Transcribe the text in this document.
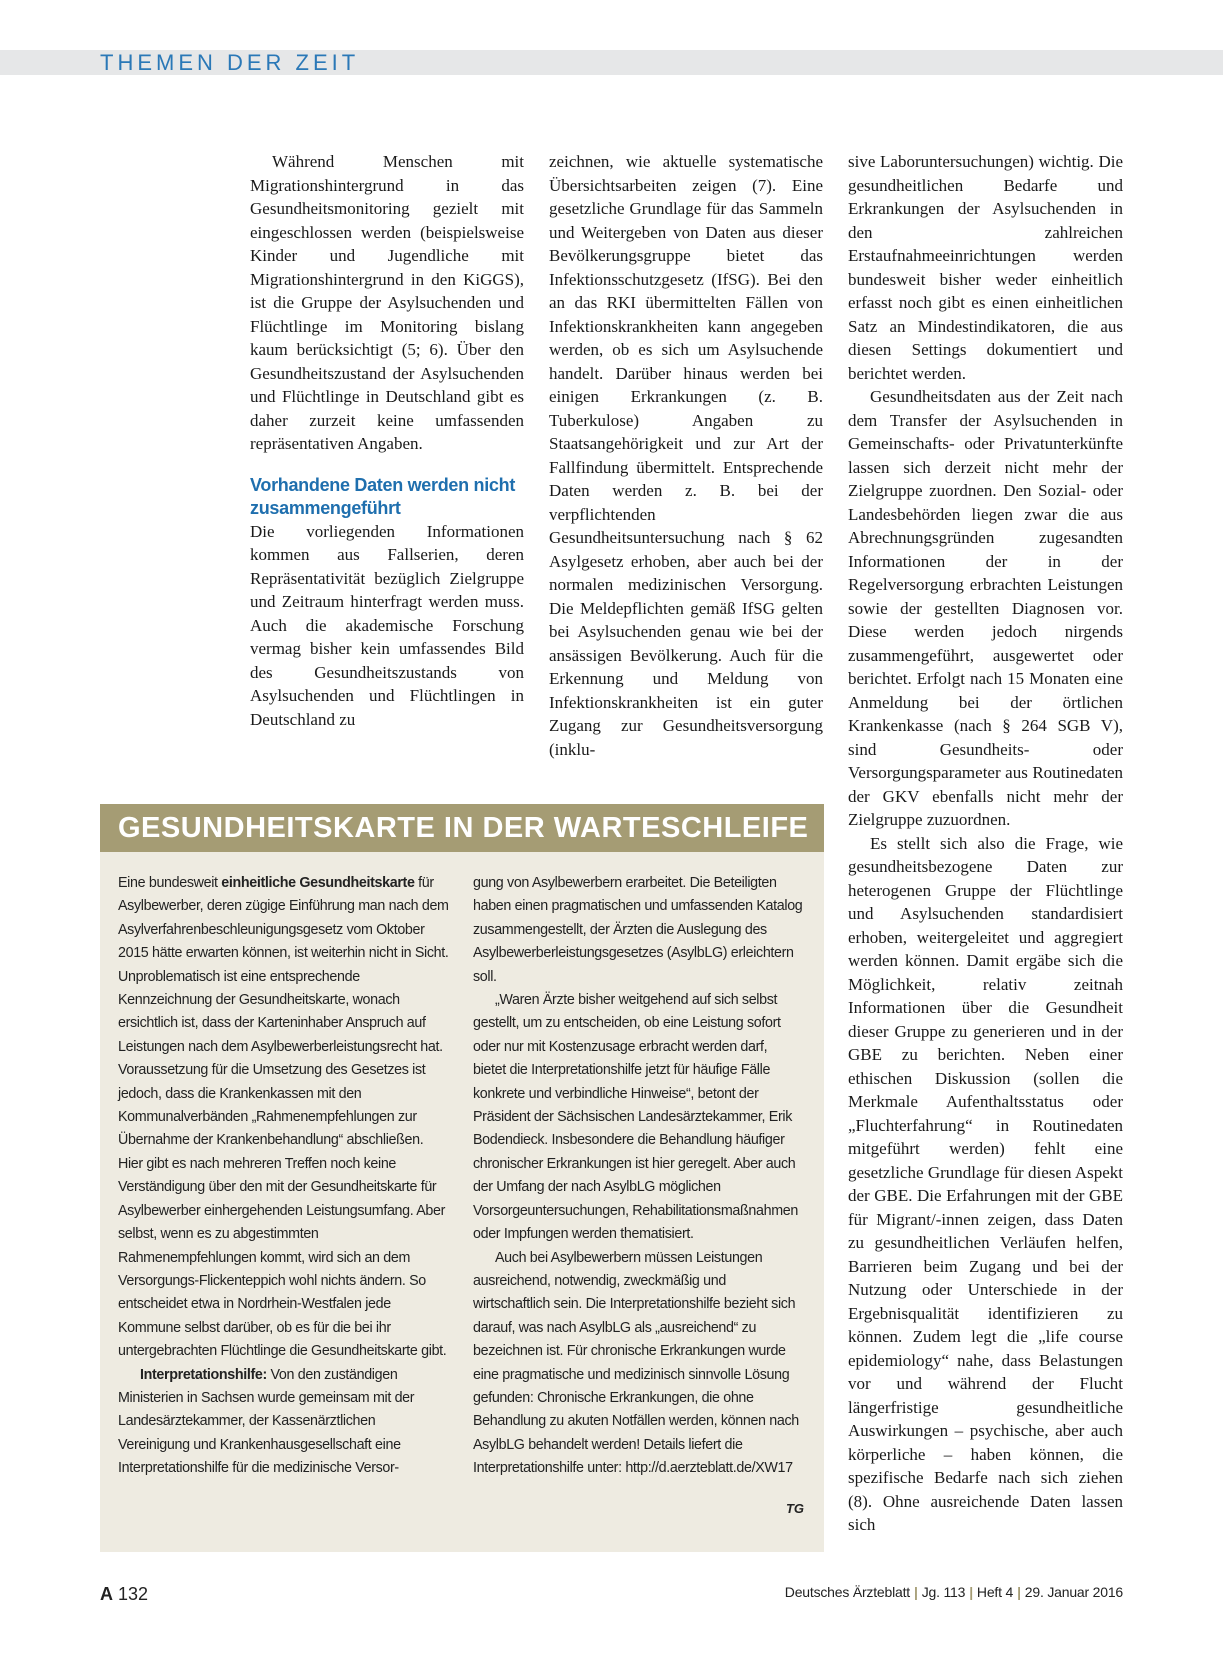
THEMEN DER ZEIT

Während Menschen mit Migrationshintergrund in das Gesundheitsmonitoring gezielt mit eingeschlossen werden (beispielsweise Kinder und Jugendliche mit Migrationshintergrund in den KiGGS), ist die Gruppe der Asylsuchenden und Flüchtlinge im Monitoring bislang kaum berücksichtigt (5; 6). Über den Gesundheitszustand der Asylsuchenden und Flüchtlinge in Deutschland gibt es daher zurzeit keine umfassenden repräsentativen Angaben.

Vorhandene Daten werden nicht zusammengeführt

Die vorliegenden Informationen kommen aus Fallserien, deren Repräsentativität bezüglich Zielgruppe und Zeitraum hinterfragt werden muss. Auch die akademische Forschung vermag bisher kein umfassendes Bild des Gesundheitszustands von Asylsuchenden und Flüchtlingen in Deutschland zu

zeichnen, wie aktuelle systematische Übersichtsarbeiten zeigen (7). Eine gesetzliche Grundlage für das Sammeln und Weitergeben von Daten aus dieser Bevölkerungsgruppe bietet das Infektionsschutzgesetz (IfSG). Bei den an das RKI übermittelten Fällen von Infektionskrankheiten kann angegeben werden, ob es sich um Asylsuchende handelt. Darüber hinaus werden bei einigen Erkrankungen (z. B. Tuberkulose) Angaben zu Staatsangehörigkeit und zur Art der Fallfindung übermittelt. Entsprechende Daten werden z. B. bei der verpflichtenden Gesundheitsuntersuchung nach § 62 Asylgesetz erhoben, aber auch bei der normalen medizinischen Versorgung. Die Meldepflichten gemäß IfSG gelten bei Asylsuchenden genau wie bei der ansässigen Bevölkerung. Auch für die Erkennung und Meldung von Infektionskrankheiten ist ein guter Zugang zur Gesundheitsversorgung (inklu-

sive Laboruntersuchungen) wichtig. Die gesundheitlichen Bedarfe und Erkrankungen der Asylsuchenden in den zahlreichen Erstaufnahmeeinrichtungen werden bundesweit bisher weder einheitlich erfasst noch gibt es einen einheitlichen Satz an Mindestindikatoren, die aus diesen Settings dokumentiert und berichtet werden.

Gesundheitsdaten aus der Zeit nach dem Transfer der Asylsuchenden in Gemeinschafts- oder Privatunterkünfte lassen sich derzeit nicht mehr der Zielgruppe zuordnen. Den Sozial- oder Landesbehörden liegen zwar die aus Abrechnungsgründen zugesandten Informationen der in der Regelversorgung erbrachten Leistungen sowie der gestellten Diagnosen vor. Diese werden jedoch nirgends zusammengeführt, ausgewertet oder berichtet. Erfolgt nach 15 Monaten eine Anmeldung bei der örtlichen Krankenkasse (nach § 264 SGB V), sind Gesundheits- oder Versorgungsparameter aus Routinedaten der GKV ebenfalls nicht mehr der Zielgruppe zuzuordnen.

Es stellt sich also die Frage, wie gesundheitsbezogene Daten zur heterogenen Gruppe der Flüchtlinge und Asylsuchenden standardisiert erhoben, weitergeleitet und aggregiert werden können. Damit ergäbe sich die Möglichkeit, relativ zeitnah Informationen über die Gesundheit dieser Gruppe zu generieren und in der GBE zu berichten. Neben einer ethischen Diskussion (sollen die Merkmale Aufenthaltsstatus oder „Fluchterfahrung“ in Routinedaten mitgeführt werden) fehlt eine gesetzliche Grundlage für diesen Aspekt der GBE. Die Erfahrungen mit der GBE für Migrant/-innen zeigen, dass Daten zu gesundheitlichen Verläufen helfen, Barrieren beim Zugang und bei der Nutzung oder Unterschiede in der Ergebnisqualität identifizieren zu können. Zudem legt die „life course epidemiology“ nahe, dass Belastungen vor und während der Flucht längerfristige gesundheitliche Auswirkungen – psychische, aber auch körperliche – haben können, die spezifische Bedarfe nach sich ziehen (8). Ohne ausreichende Daten lassen sich

GESUNDHEITSKARTE IN DER WARTESCHLEIFE

Eine bundesweit einheitliche Gesundheitskarte für Asylbewerber, deren zügige Einführung man nach dem Asylverfahrenbeschleunigungsgesetz vom Oktober 2015 hätte erwarten können, ist weiterhin nicht in Sicht. Unproblematisch ist eine entsprechende Kennzeichnung der Gesundheitskarte, wonach ersichtlich ist, dass der Karteninhaber Anspruch auf Leistungen nach dem Asylbewerberleistungsrecht hat. Voraussetzung für die Umsetzung des Gesetzes ist jedoch, dass die Krankenkassen mit den Kommunalverbänden „Rahmenempfehlungen zur Übernahme der Krankenbehandlung“ abschließen. Hier gibt es nach mehreren Treffen noch keine Verständigung über den mit der Gesundheitskarte für Asylbewerber einhergehenden Leistungsumfang. Aber selbst, wenn es zu abgestimmten Rahmenempfehlungen kommt, wird sich an dem Versorgungs-Flickenteppich wohl nichts ändern. So entscheidet etwa in Nordrhein-Westfalen jede Kommune selbst darüber, ob es für die bei ihr untergebrachten Flüchtlinge die Gesundheitskarte gibt.

Interpretationshilfe: Von den zuständigen Ministerien in Sachsen wurde gemeinsam mit der Landesärztekammer, der Kassenärztlichen Vereinigung und Krankenhausgesellschaft eine Interpretationshilfe für die medizinische Versor-

gung von Asylbewerbern erarbeitet. Die Beteiligten haben einen pragmatischen und umfassenden Katalog zusammengestellt, der Ärzten die Auslegung des Asylbewerberleistungsgesetzes (AsylbLG) erleichtern soll.

„Waren Ärzte bisher weitgehend auf sich selbst gestellt, um zu entscheiden, ob eine Leistung sofort oder nur mit Kostenzusage erbracht werden darf, bietet die Interpretationshilfe jetzt für häufige Fälle konkrete und verbindliche Hinweise“, betont der Präsident der Sächsischen Landesärztekammer, Erik Bodendieck. Insbesondere die Behandlung häufiger chronischer Erkrankungen ist hier geregelt. Aber auch der Umfang der nach AsylbLG möglichen Vorsorgeuntersuchungen, Rehabilitationsmaßnahmen oder Impfungen werden thematisiert.

Auch bei Asylbewerbern müssen Leistungen ausreichend, notwendig, zweckmäßig und wirtschaftlich sein. Die Interpretationshilfe bezieht sich darauf, was nach AsylbLG als „ausreichend“ zu bezeichnen ist. Für chronische Erkrankungen wurde eine pragmatische und medizinisch sinnvolle Lösung gefunden: Chronische Erkrankungen, die ohne Behandlung zu akuten Notfällen werden, können nach AsylbLG behandelt werden! Details liefert die Interpretationshilfe unter: http://d.aerzteblatt.de/XW17

TG
A 132	Deutsches Ärzteblatt | Jg. 113 | Heft 4 | 29. Januar 2016
